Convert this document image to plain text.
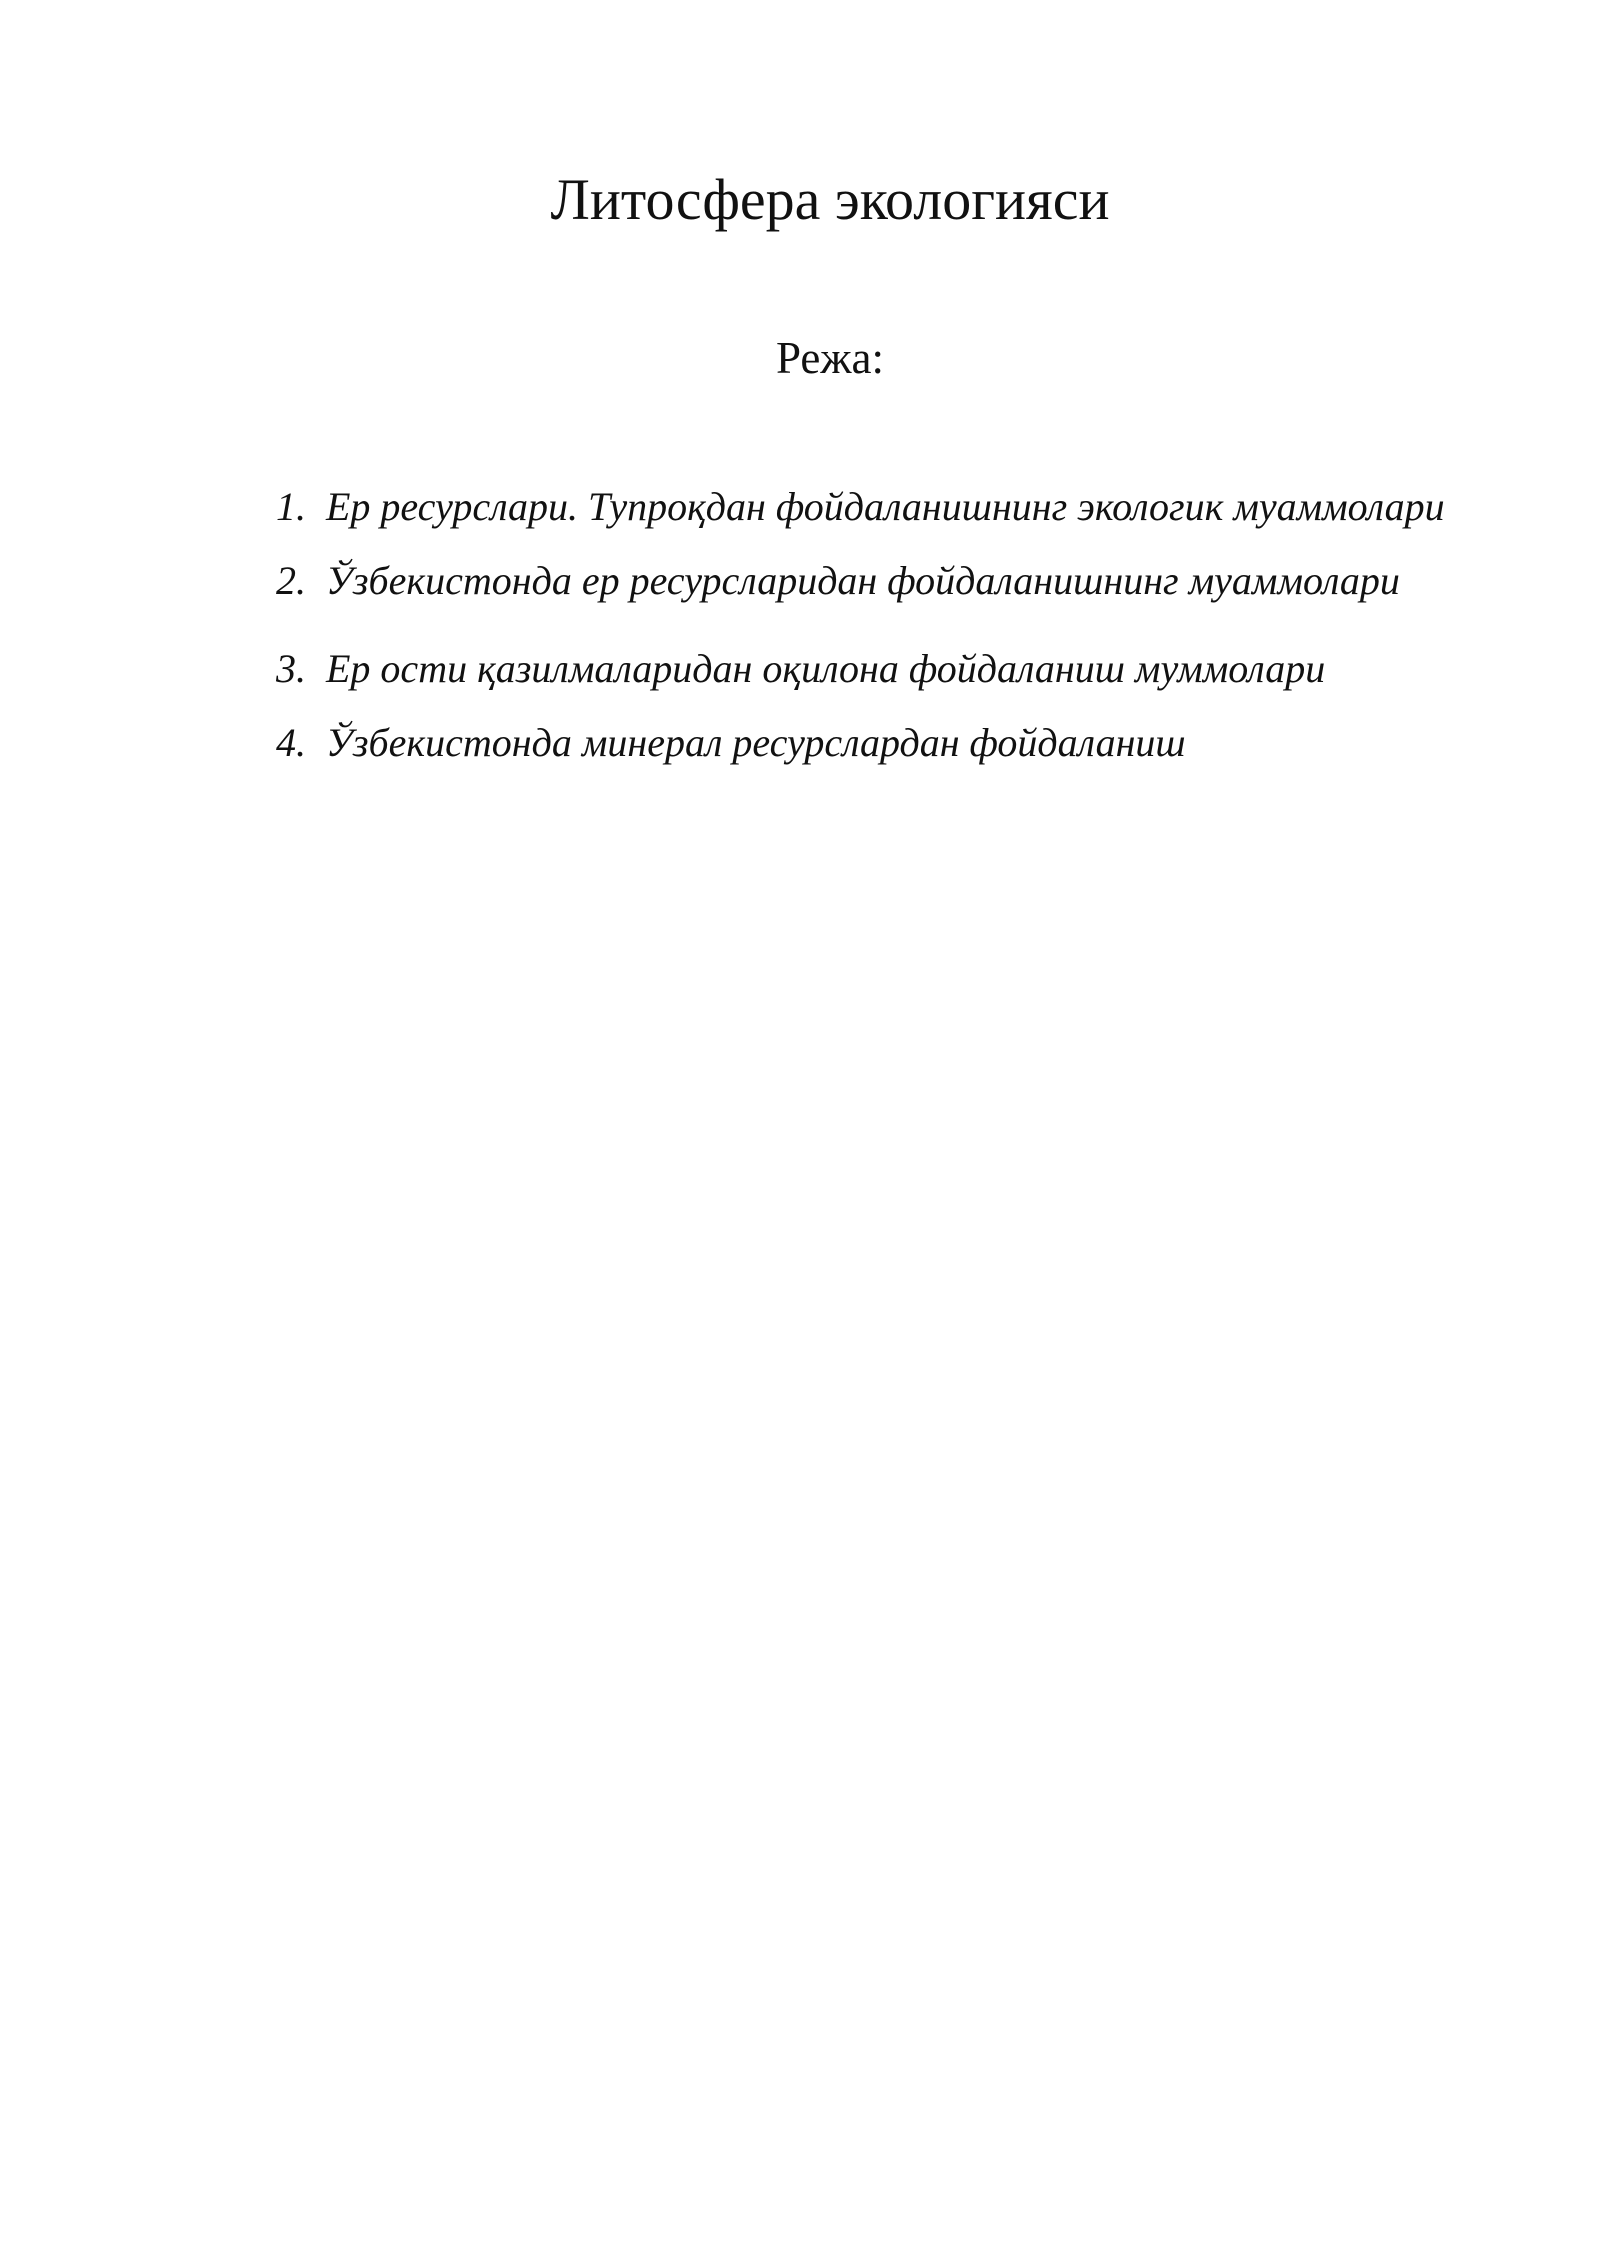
Литосфера экологияси
Режа:
1. Ер ресурслари. Тупроқдан фойдаланишнинг экологик муаммолари
2. Ўзбекистонда ер ресурсларидан фойдаланишнинг муаммолари
3. Ер ости қазилмаларидан оқилона фойдаланиш муммолари
4. Ўзбекистонда минерал ресурслардан фойдаланиш
